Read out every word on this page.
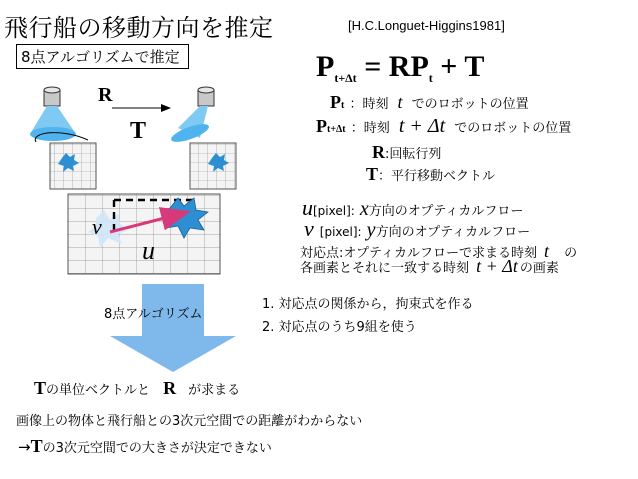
飛行船の移動方向を推定	[H.C.Longuet-Higgins1981]
8点アルゴリズムで推定	$P_{t+\Delta t} = RP_t + T$
Pt ：時刻 t でのロボットの位置
Pt+Δt ：時刻 t + Δt でのロボットの位置
R:回転行列
T：平行移動ベクトル
u[pixel]: x方向のオプティカルフロー
v [pixel]: y方向のオプティカルフロー
対応点:オプティカルフローで求まる時刻 t の
各画素とそれに一致する時刻 t + Δt の画素
1. 対応点の関係から，拘束式を作る
2. 対応点のうち9組を使う
R
T
v
u
8点アルゴリズム
Tの単位ベクトルと R が求まる
画像上の物体と飛行船との3次元空間での距離がわからない
→Tの3次元空間での大きさが決定できない
